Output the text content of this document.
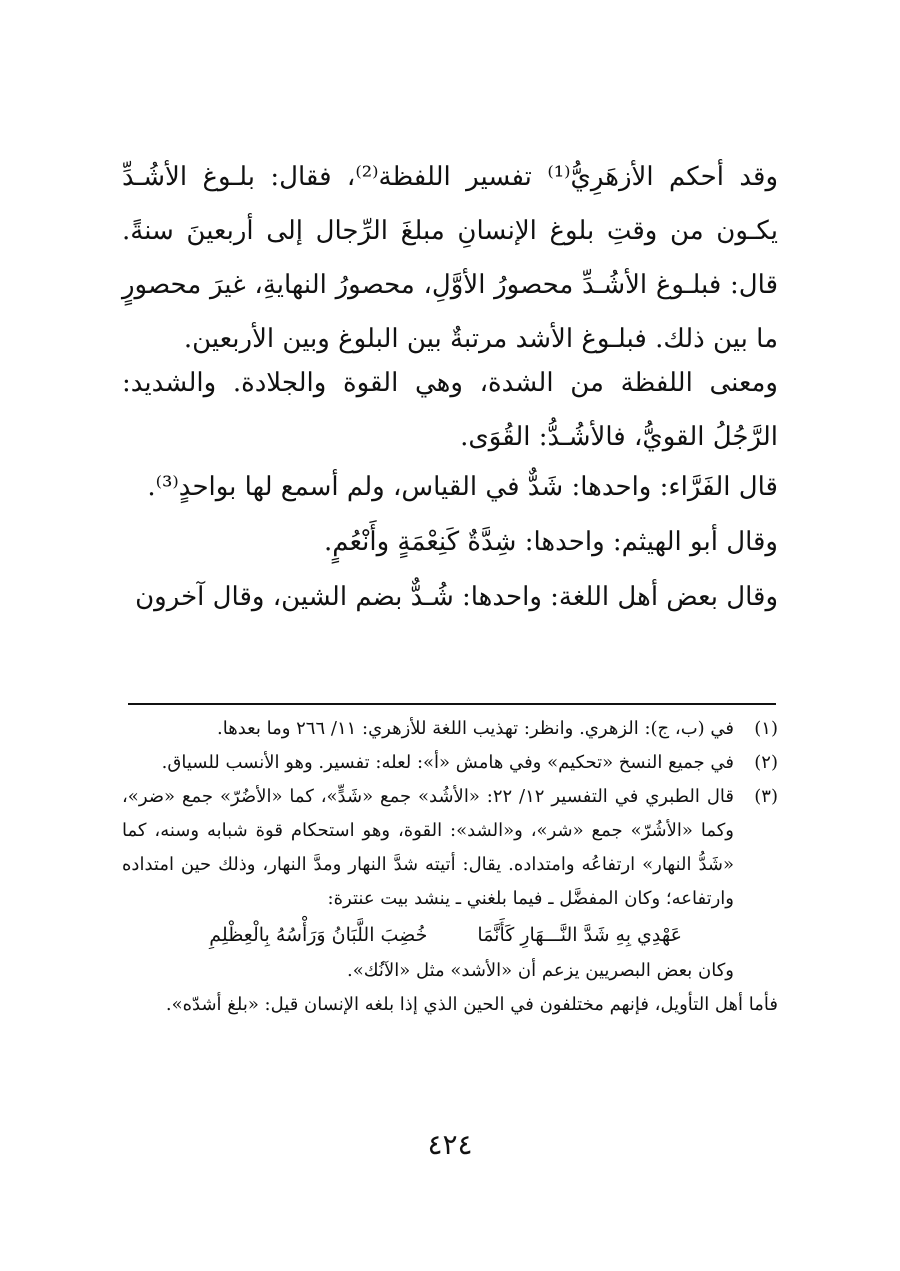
وقد أحكم الأزهَرِيُّ⁽¹⁾ تفسير اللفظة⁽²⁾، فقال: بلـوغ الأشُـدِّ يكـون من وقتِ بلوغ الإنسانِ مبلغَ الرِّجال إلى أربعينَ سنةً. قال: فبلـوغ الأشُـدِّ محصورُ الأوَّلِ، محصورُ النهايةِ، غيرَ محصورٍ ما بين ذلك. فبلـوغ الأشد مرتبةٌ بين البلوغ وبين الأربعين.

ومعنى اللفظة من الشدة، وهي القوة والجلادة. والشديد: الرَّجُلُ القويُّ، فالأشُـدُّ: القُوَى.

قال الفَرَّاء: واحدها: شَدٌّ في القياس، ولم أسمع لها بواحدٍ⁽³⁾.

وقال أبو الهيثم: واحدها: شِدَّةٌ كَنِعْمَةٍ وأَنْعُمٍ.

وقال بعض أهل اللغة: واحدها: شُـدٌّ بضم الشين، وقال آخرون

(١)
في (ب، ج): الزهري. وانظر: تهذيب اللغة للأزهري: ١١/ ٢٦٦ وما بعدها.
(٢)
في جميع النسخ «تحكيم» وفي هامش «أ»: لعله: تفسير. وهو الأنسب للسياق.
(٣)
قال الطبري في التفسير ١٢/ ٢٢: «الأشُد» جمع «شَدٍّ»، كما «الأضُرّ» جمع «ضر»، وكما «الأشُرّ» جمع «شر»، و«الشد»: القوة، وهو استحكام قوة شبابه وسنه، كما «شَدُّ النهار» ارتفاعُه وامتداده. يقال: أتيته شدَّ النهار ومدَّ النهار، وذلك حين امتداده وارتفاعه؛ وكان المفضَّل ـ فيما بلغني ـ ينشد بيت عنترة:
عَهْدِي بِهِ شَدَّ النَّـــهَارِ كَأَنَّمَا
خُضِبَ اللَّبَانُ وَرَأْسُهُ بِالْعِظْلِمِ
وكان بعض البصريين يزعم أن «الأشد» مثل «الآنُك».
فأما أهل التأويل، فإنهم مختلفون في الحين الذي إذا بلغه الإنسان قيل: «بلغ أشدّه».
٤٢٤
